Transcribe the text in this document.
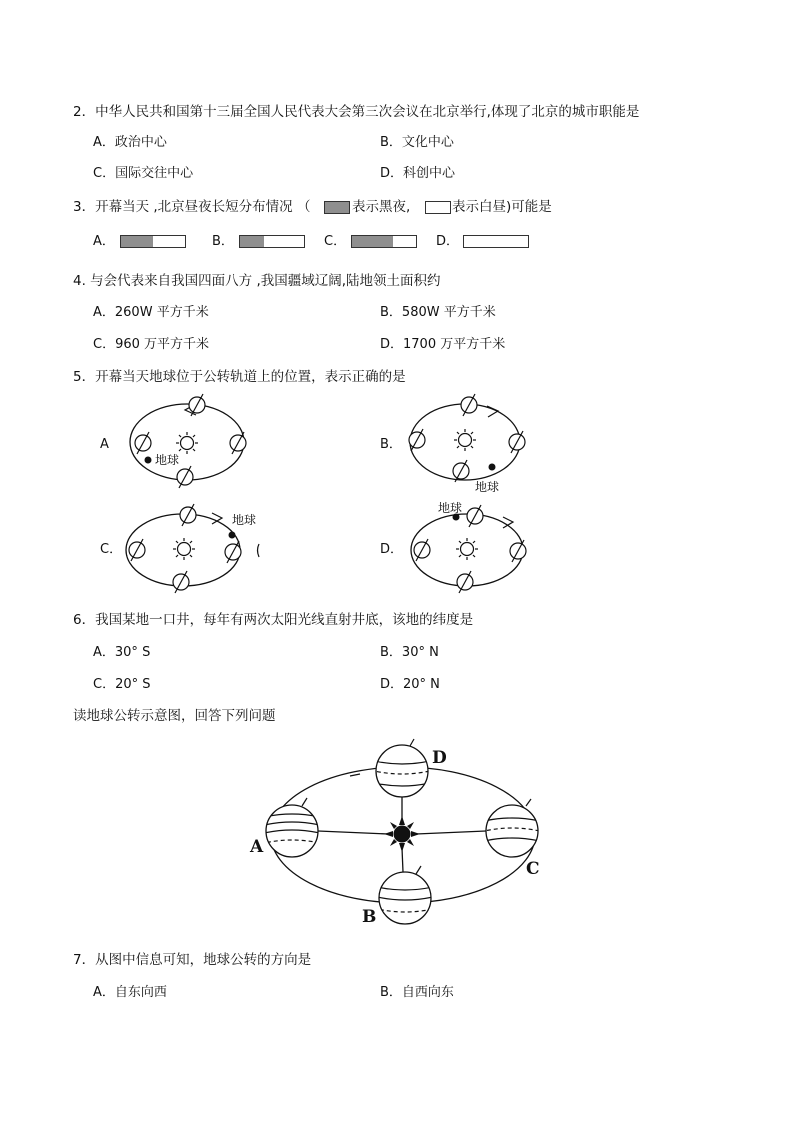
2．中华人民共和国第十三届全国人民代表大会第三次会议在北京举行,体现了北京的城市职能是
A．政治中心	B．文化中心
C．国际交往中心	D．科创中心
3．开幕当天 ,北京昼夜长短分布情况 （	表示黑夜,	表示白昼)可能是
A．	B．	C．	D．
4. 与会代表来自我国四面八方 ,我国疆域辽阔,陆地领土面积约
A．260W 平方千米	B．580W 平方千米
C．960 万平方千米	D．1700 万平方千米
5．开幕当天地球位于公转轨道上的位置，表示正确的是
A
地球
B．
地球
C．
地球
D．
地球
6．我国某地一口井，每年有两次太阳光线直射井底，该地的纬度是
A．30° S	B．30° N
C．20° S	D．20° N
读地球公转示意图，回答下列问题
A
D
C
B
7．从图中信息可知，地球公转的方向是
A．自东向西	B．自西向东
